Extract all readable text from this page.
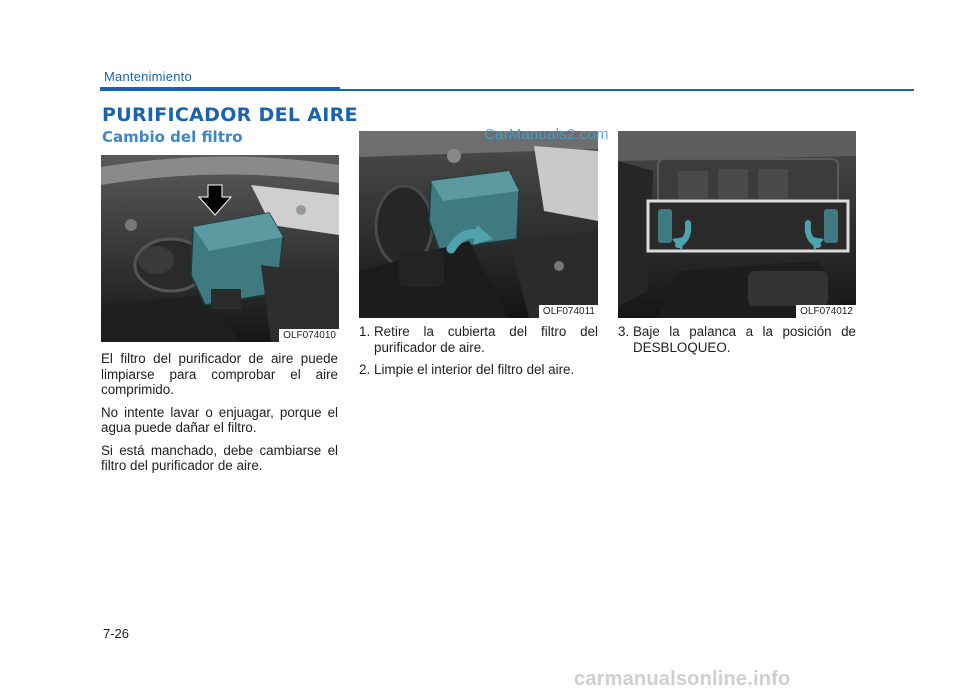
Mantenimiento
PURIFICADOR DEL AIRE
Cambio del filtro
OLF074010
OLF074011	OLF074012
CarManuals2.com

El filtro del purificador de aire puede limpiarse para comprobar el aire comprimido.

No intente lavar o enjuagar, porque el agua puede dañar el filtro.

Si está manchado, debe cambiarse el filtro del purificador de aire.

1. Retire la cubierta del filtro del purificador de aire.
2. Limpie el interior del filtro del aire.
3. Baje la palanca a la posición de DESBLOQUEO.
7-26
carmanualsonline.info
